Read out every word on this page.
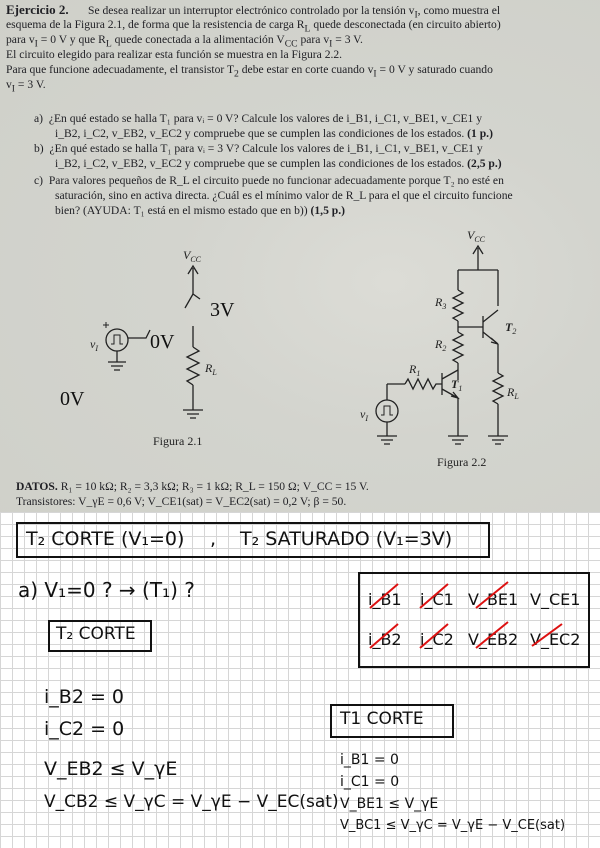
Ejercicio 2. Se desea realizar un interruptor electrónico controlado por la tensión $v_I$, como muestra el
esquema de la Figura 2.1, de forma que la resistencia de carga $R_L$ quede desconectada (en circuito abierto)
para $v_I = 0$ V y que $R_L$ quede conectada a la alimentación $V_{CC}$ para $v_I = 3$ V.
El circuito elegido para realizar esta función se muestra en la Figura 2.2.
Para que funcione adecuadamente, el transistor $T_2$ debe estar en corte cuando $v_I = 0$ V y saturado cuando
$v_I = 3$ V.
a) ¿En qué estado se halla T₁ para vᵢ = 0 V? Calcule los valores de i_B1, i_C1, v_BE1, v_CE1 y
i_B2, i_C2, v_EB2, v_EC2 y compruebe que se cumplen las condiciones de los estados. (1 p.)
b) ¿En qué estado se halla T₁ para vᵢ = 3 V? Calcule los valores de i_B1, i_C1, v_BE1, v_CE1 y
i_B2, i_C2, v_EB2, v_EC2 y compruebe que se cumplen las condiciones de los estados. (2,5 p.)
c) Para valores pequeños de R_L el circuito puede no funcionar adecuadamente porque T₂ no esté en
saturación, sino en activa directa. ¿Cuál es el mínimo valor de R_L para el que el circuito funcione
bien? (AYUDA: T₁ está en el mismo estado que en b)) (1,5 p.)
$V_{CC}$
$R_L$
$v_I$	0V
3V
0V
Figura 2.1
$V_{CC}$
$R_3$
$T_2$
$R_2$
$R_L$
$T_1$
$R_1$
$v_I$
Figura 2.2
DATOS. R₁ = 10 kΩ; R₂ = 3,3 kΩ; R₃ = 1 kΩ; R_L = 150 Ω; V_CC = 15 V.
Transistores: V_γE = 0,6 V; V_CE1(sat) = V_EC2(sat) = 0,2 V; β = 50.
T₂ CORTE (V₁=0) , T₂ SATURADO (V₁=3V)
a) V₁=0 ? → (T₁) ?
T₂ CORTE
i_B1 i_C1 V_BE1 V_CE1
i_B2 i_C2 V_EB2 V_EC2
i_B2 = 0
i_C2 = 0
V_EB2 ≤ V_γE
V_CB2 ≤ V_γC = V_γE − V_EC(sat)
T1 CORTE
i_B1 = 0
i_C1 = 0
V_BE1 ≤ V_γE
V_BC1 ≤ V_γC = V_γE − V_CE(sat)
